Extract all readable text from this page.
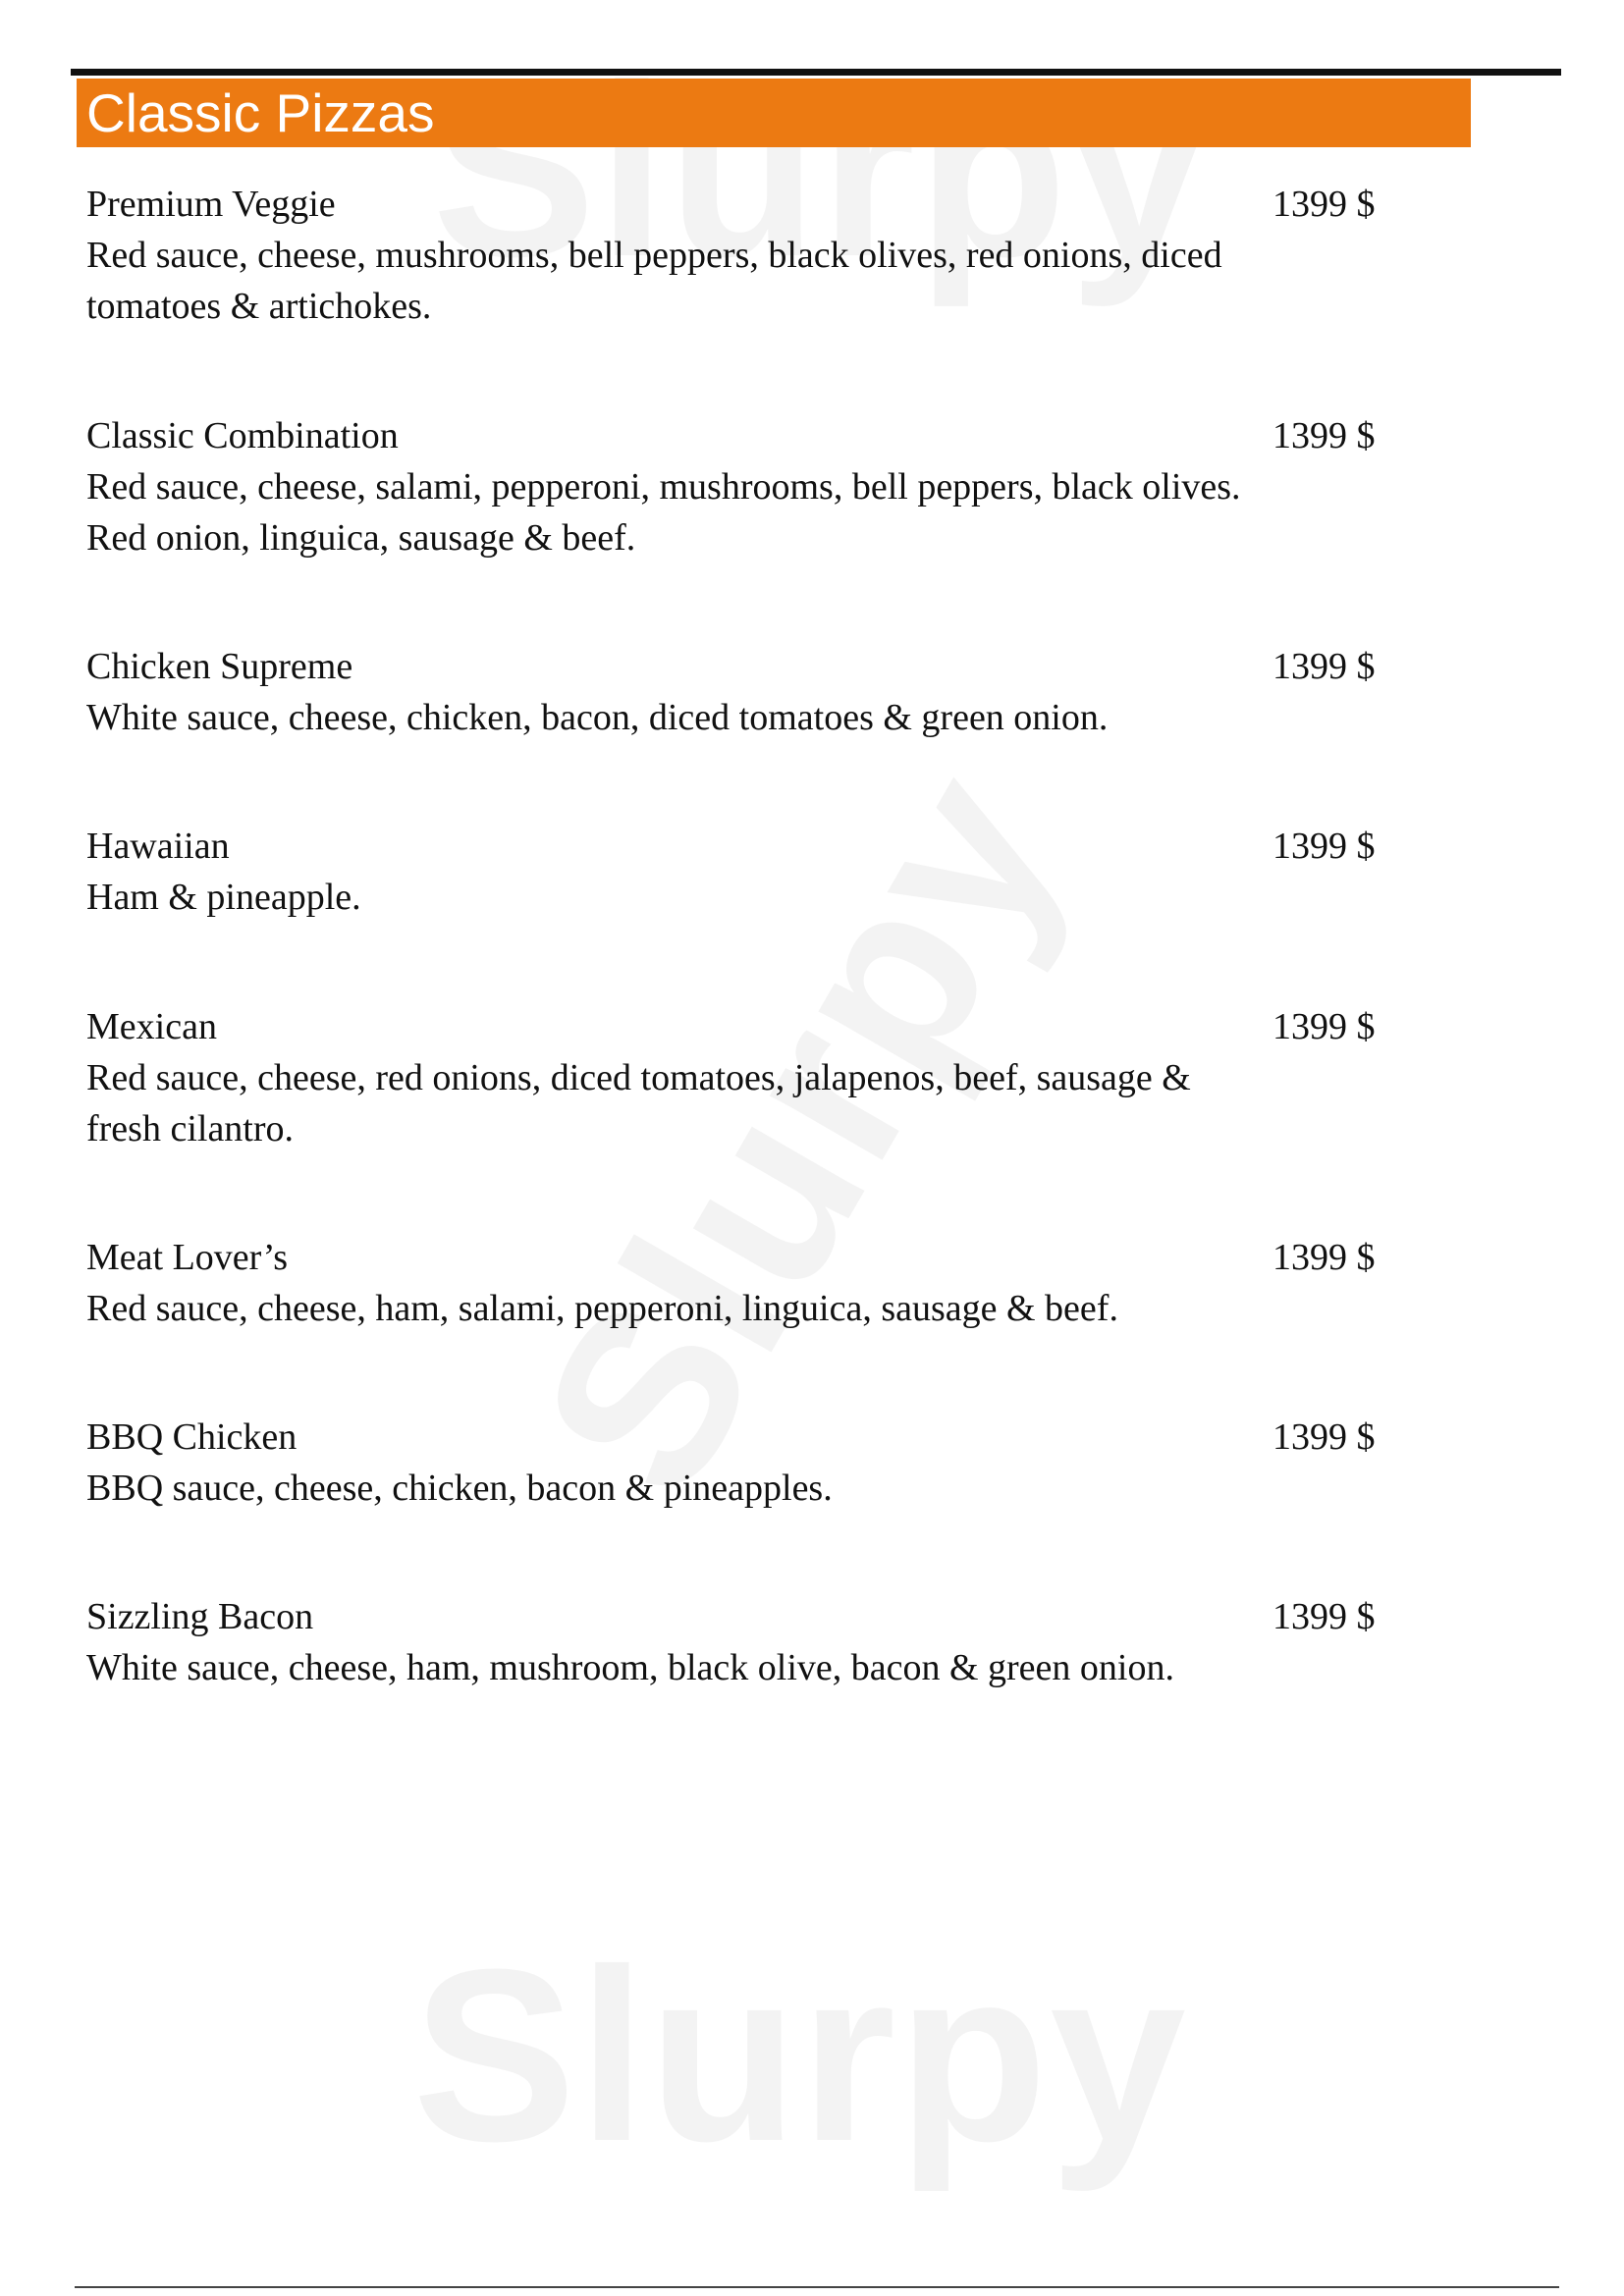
Classic Pizzas
Premium Veggie
Red sauce, cheese, mushrooms, bell peppers, black olives, red onions, diced tomatoes & artichokes.
1399 $
Classic Combination
Red sauce, cheese, salami, pepperoni, mushrooms, bell peppers, black olives. Red onion, linguica, sausage & beef.
1399 $
Chicken Supreme
White sauce, cheese, chicken, bacon, diced tomatoes & green onion.
1399 $
Hawaiian
Ham & pineapple.
1399 $
Mexican
Red sauce, cheese, red onions, diced tomatoes, jalapenos, beef, sausage & fresh cilantro.
1399 $
Meat Lover’s
Red sauce, cheese, ham, salami, pepperoni, linguica, sausage & beef.
1399 $
BBQ Chicken
BBQ sauce, cheese, chicken, bacon & pineapples.
1399 $
Sizzling Bacon
White sauce, cheese, ham, mushroom, black olive, bacon & green onion.
1399 $
